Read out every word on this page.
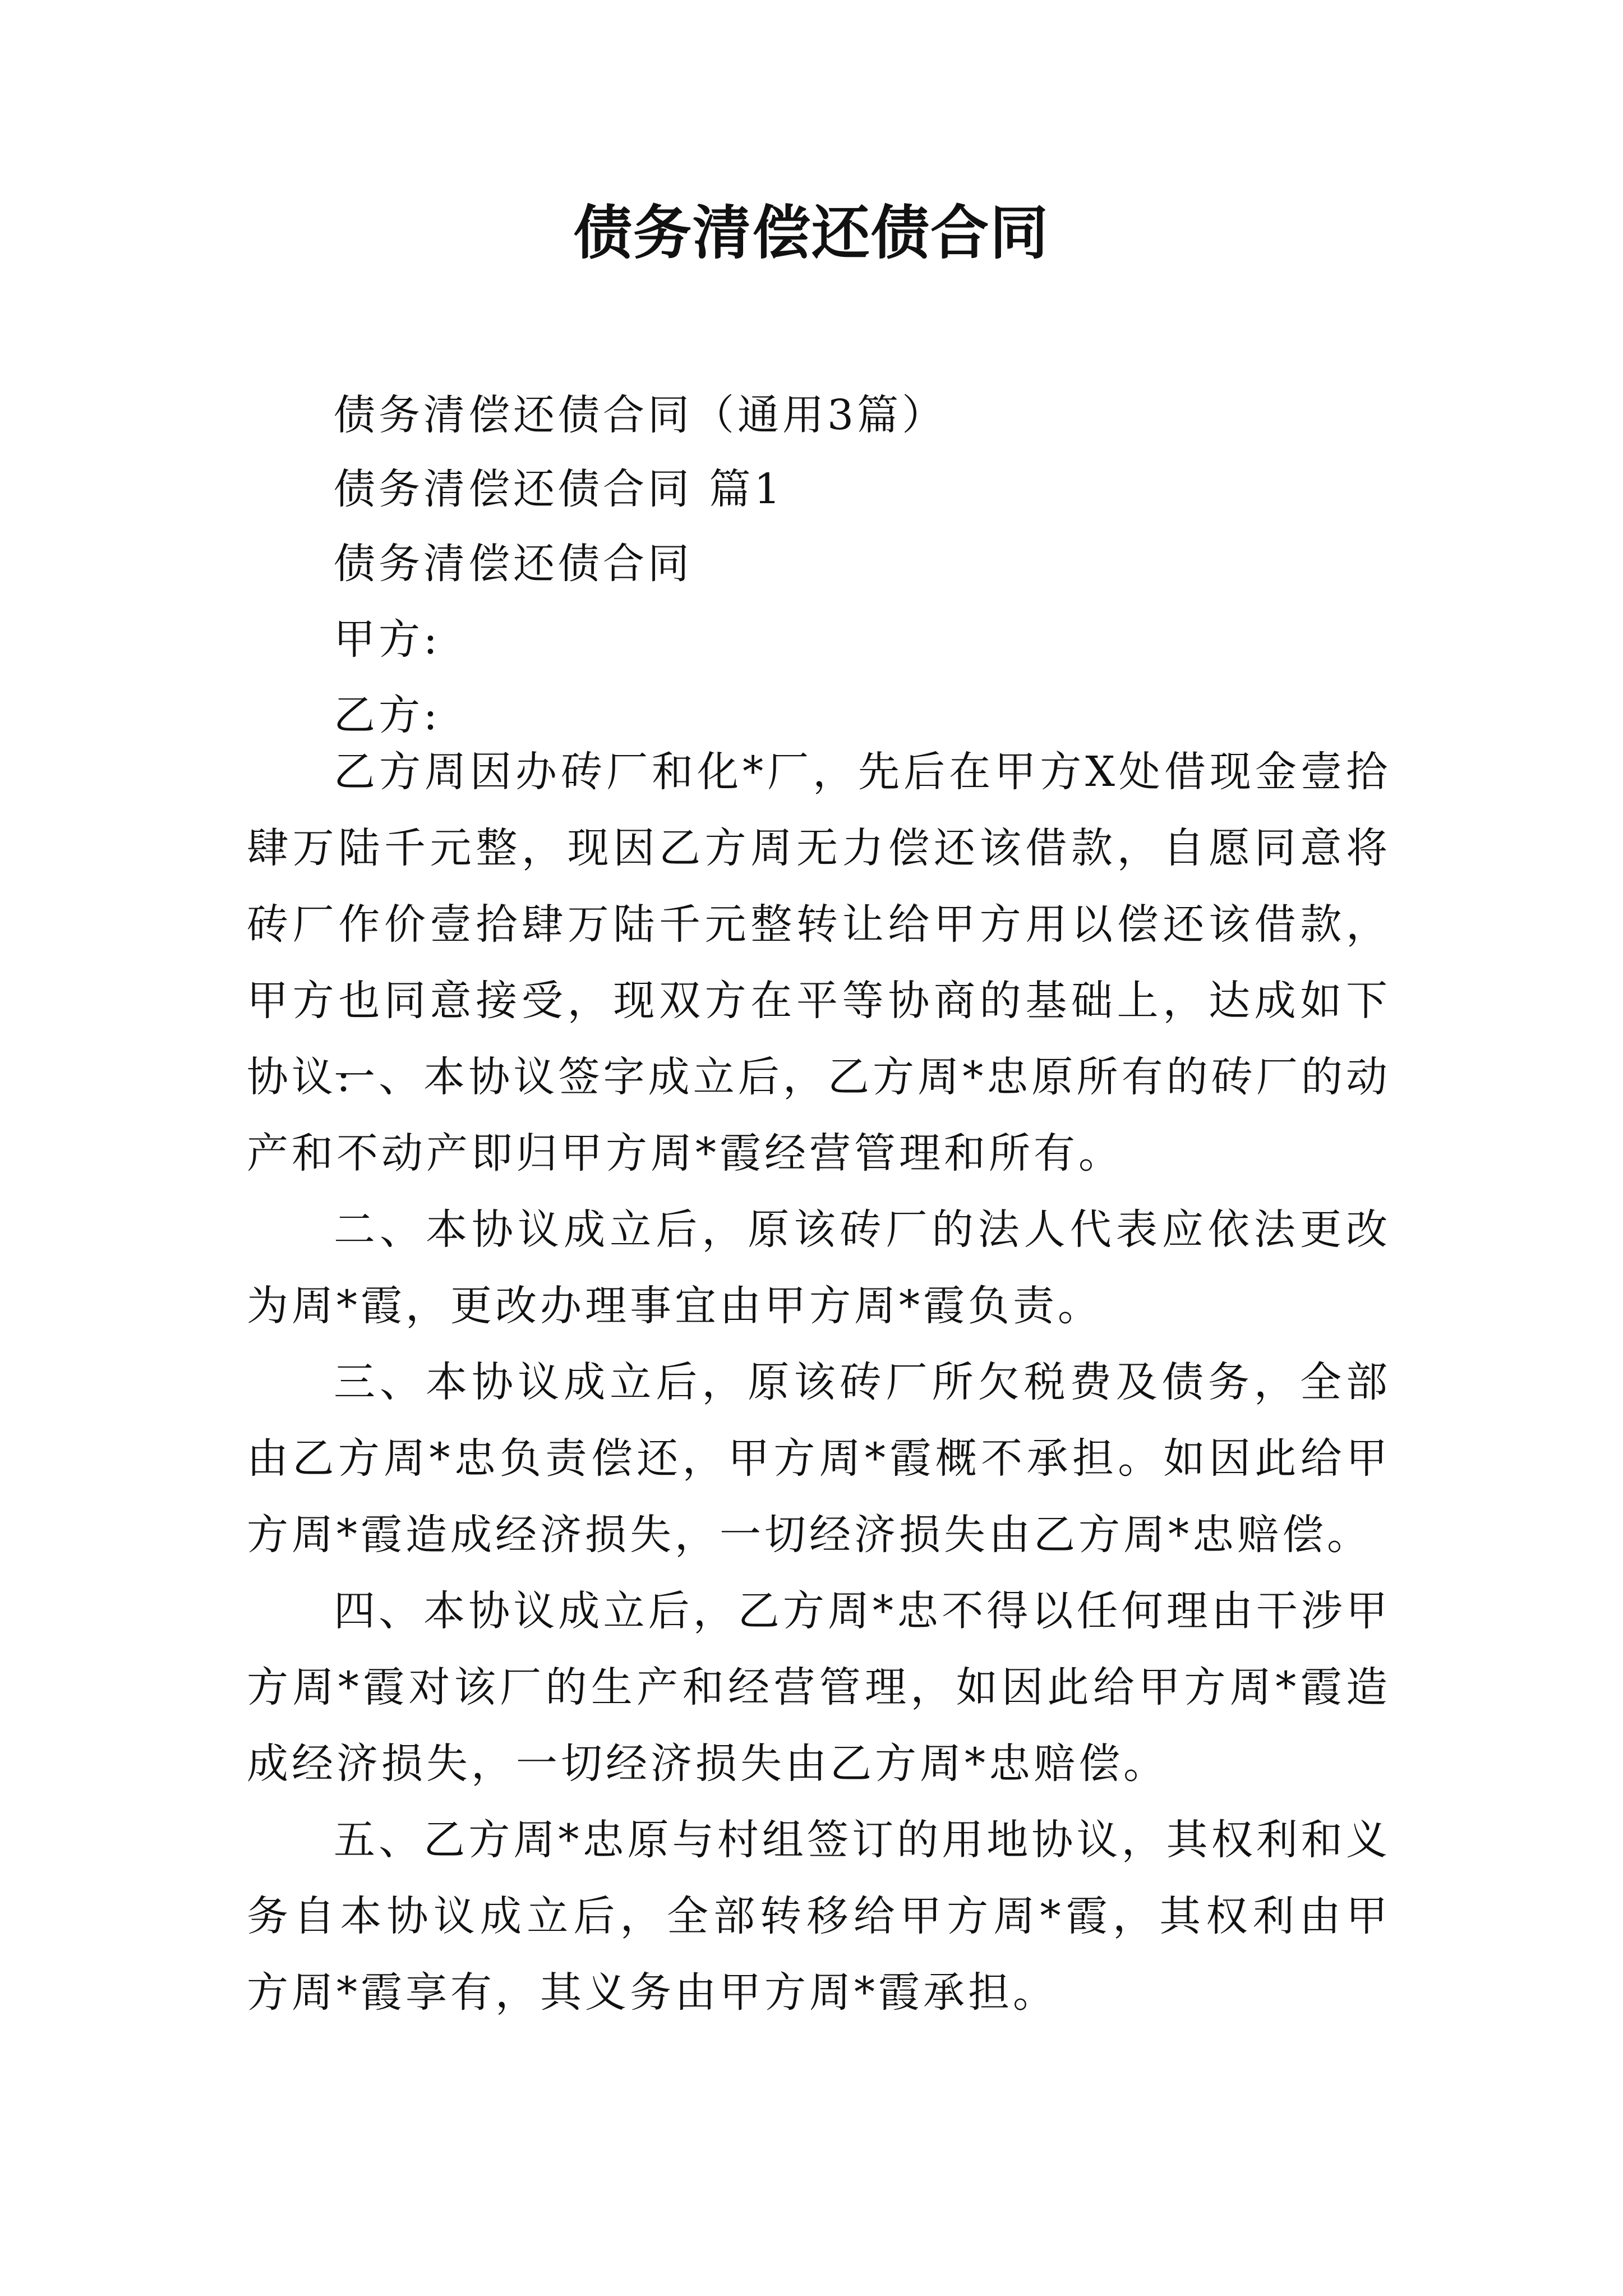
债务清偿还债合同
债务清偿还债合同（通用3篇）
债务清偿还债合同 篇1
债务清偿还债合同
甲方:
乙方:

乙方周因办砖厂和化*厂，先后在甲方X处借现金壹拾肆万陆千元整，现因乙方周无力偿还该借款，自愿同意将砖厂作价壹拾肆万陆千元整转让给甲方用以偿还该借款，甲方也同意接受，现双方在平等协商的基础上，达成如下协议:

一、本协议签字成立后，乙方周*忠原所有的砖厂的动产和不动产即归甲方周*霞经营管理和所有。

二、本协议成立后，原该砖厂的法人代表应依法更改为周*霞，更改办理事宜由甲方周*霞负责。

三、本协议成立后，原该砖厂所欠税费及债务，全部由乙方周*忠负责偿还，甲方周*霞概不承担。如因此给甲方周*霞造成经济损失，一切经济损失由乙方周*忠赔偿。

四、本协议成立后，乙方周*忠不得以任何理由干涉甲方周*霞对该厂的生产和经营管理，如因此给甲方周*霞造成经济损失，一切经济损失由乙方周*忠赔偿。

五、乙方周*忠原与村组签订的用地协议，其权利和义务自本协议成立后，全部转移给甲方周*霞，其权利由甲方周*霞享有，其义务由甲方周*霞承担。
